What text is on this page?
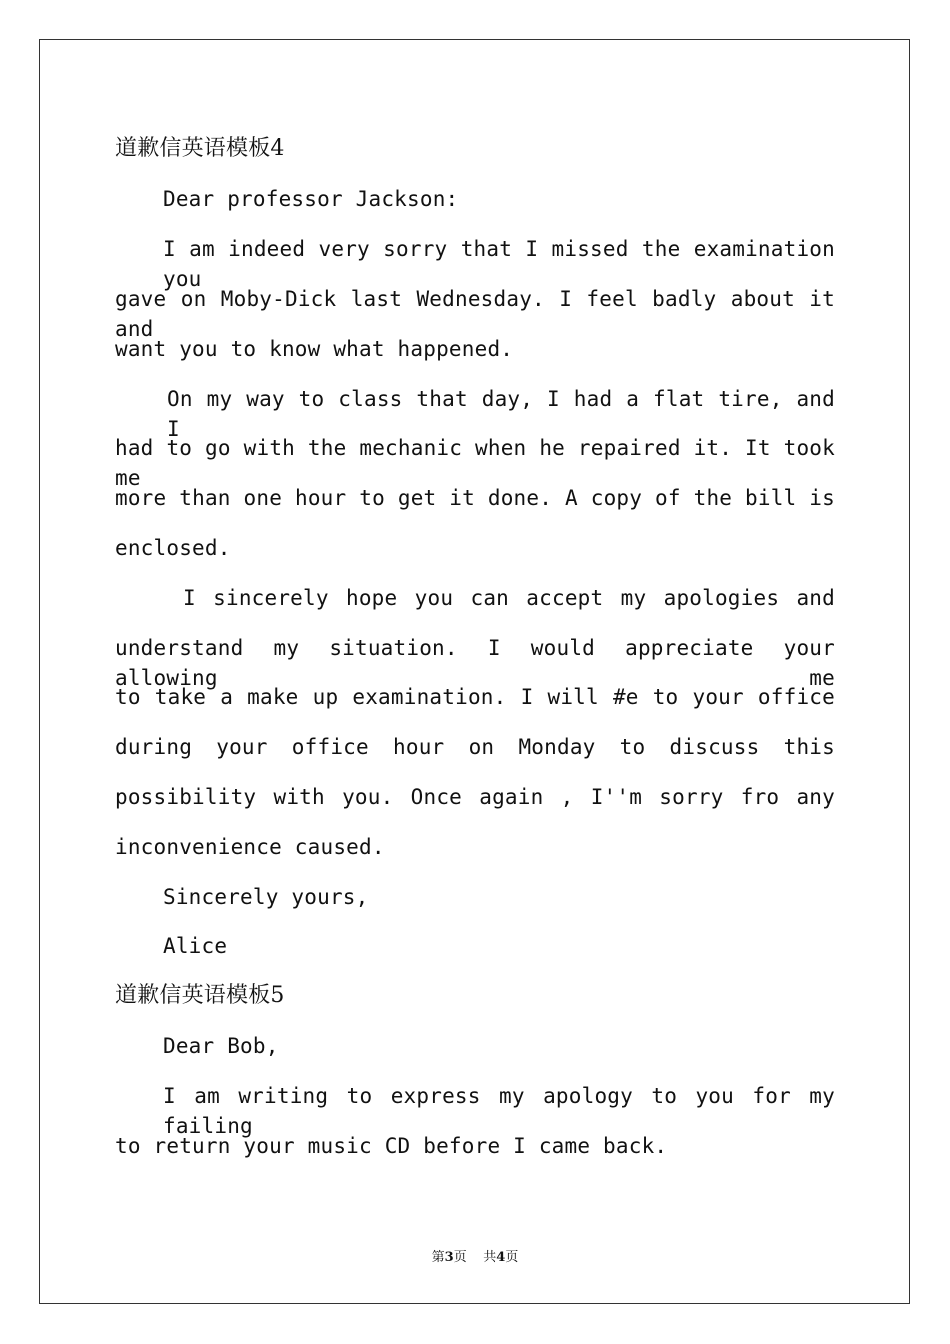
道歉信英语模板4
Dear professor Jackson:
I am indeed very sorry that I missed the examination you
gave on Moby-Dick last Wednesday. I feel badly about it and
want you to know what happened.
On my way to class that day, I had a flat tire, and I
had to go with the mechanic when he repaired it. It took me
more than one hour to get it done. A copy of the bill is
enclosed.
I sincerely hope you can accept my apologies and
understand my situation. I would appreciate your allowing me
to take a make up examination. I will #e to your office
during your office hour on Monday to discuss this
possibility with you. Once again , I''m sorry fro any
inconvenience caused.
Sincerely yours,
Alice
道歉信英语模板5
Dear Bob,
I am writing to express my apology to you for my failing
to return your music CD before I came back.
第3页 共4页
